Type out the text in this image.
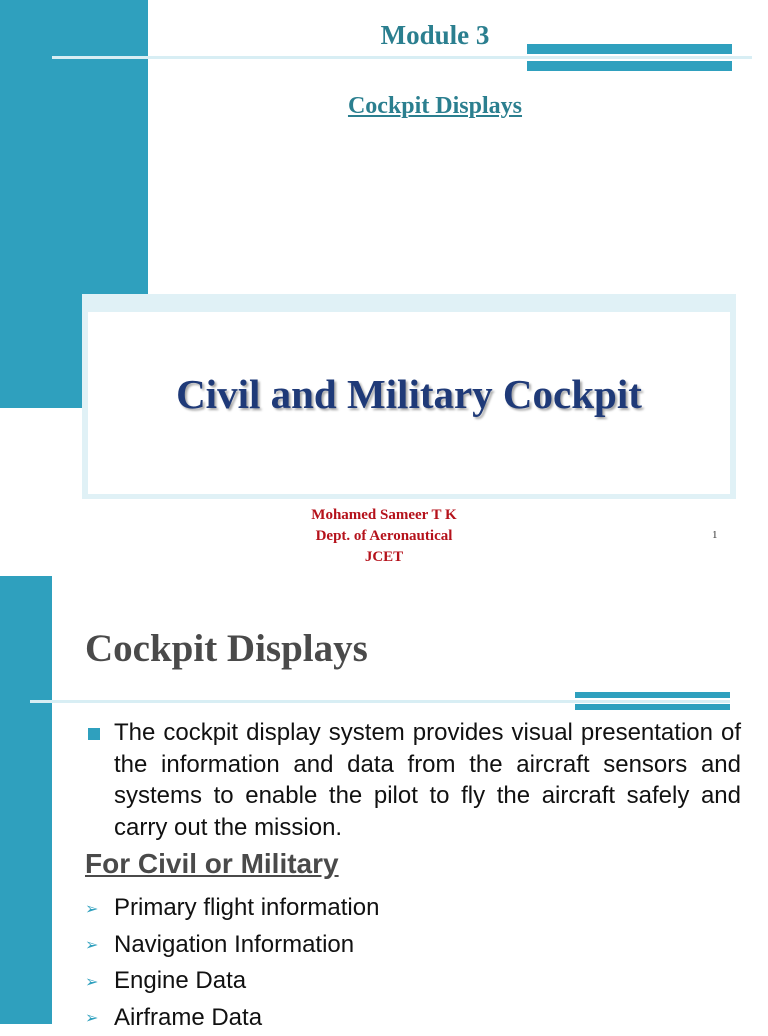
Module 3
Cockpit Displays
Civil and Military Cockpit
Mohamed Sameer T K
Dept. of Aeronautical
JCET
1
Cockpit Displays
The cockpit display system provides visual presentation of the information and data from the aircraft sensors and systems to enable the pilot to fly the aircraft safely and carry out the mission.
For Civil or Military
➢ Primary flight information
➢ Navigation Information
➢ Engine Data
➢ Airframe Data
